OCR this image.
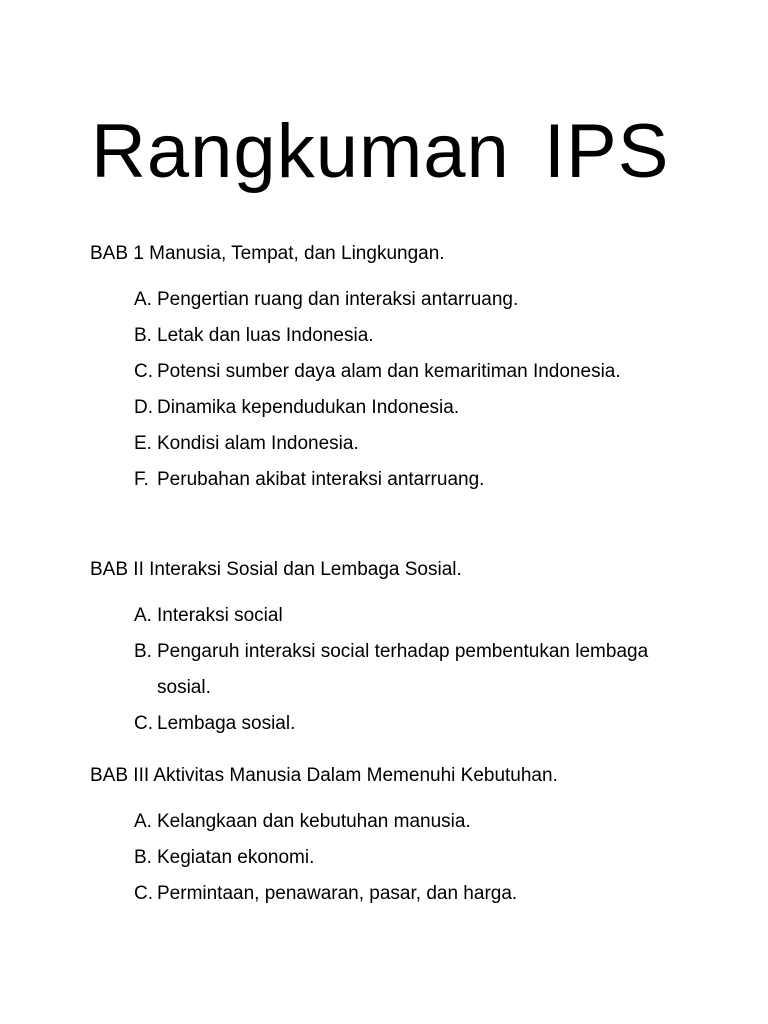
Rangkuman IPS

BAB 1 Manusia, Tempat, dan Lingkungan.

A. Pengertian ruang dan interaksi antarruang.
B. Letak dan luas Indonesia.
C. Potensi sumber daya alam dan kemaritiman Indonesia.
D. Dinamika kependudukan Indonesia.
E. Kondisi alam Indonesia.
F. Perubahan akibat interaksi antarruang.

BAB II Interaksi Sosial dan Lembaga Sosial.

A. Interaksi social
B. Pengaruh interaksi social terhadap pembentukan lembaga sosial.
C. Lembaga sosial.

BAB III Aktivitas Manusia Dalam Memenuhi Kebutuhan.

A. Kelangkaan dan kebutuhan manusia.
B. Kegiatan ekonomi.
C. Permintaan, penawaran, pasar, dan harga.
